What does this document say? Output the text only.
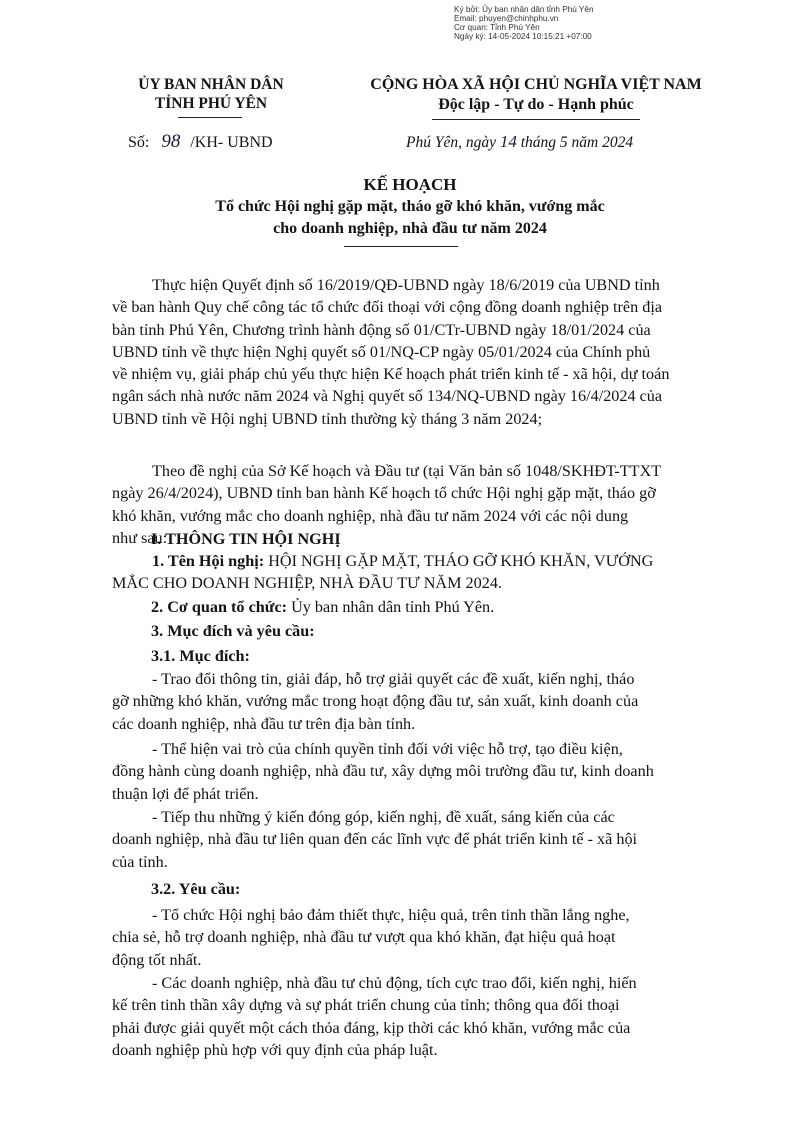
Ký bởi: Ủy ban nhân dân tỉnh Phú Yên
Email: phuyen@chinhphu.vn
Cơ quan: Tỉnh Phú Yên
Ngày ký: 14-05-2024 10:15:21 +07:00
ỦY BAN NHÂN DÂN
TỈNH PHÚ YÊN
CỘNG HÒA XÃ HỘI CHỦ NGHĨA VIỆT NAM
Độc lập - Tự do - Hạnh phúc
Số: 98 /KH- UBND	Phú Yên, ngày 14 tháng 5 năm 2024
KẾ HOẠCH
Tổ chức Hội nghị gặp mặt, tháo gỡ khó khăn, vướng mắc
cho doanh nghiệp, nhà đầu tư năm 2024
Thực hiện Quyết định số 16/2019/QĐ-UBND ngày 18/6/2019 của UBND tỉnh
về ban hành Quy chế công tác tổ chức đối thoại với cộng đồng doanh nghiệp trên địa
bàn tỉnh Phú Yên, Chương trình hành động số 01/CTr-UBND ngày 18/01/2024 của
UBND tỉnh về thực hiện Nghị quyết số 01/NQ-CP ngày 05/01/2024 của Chính phủ
về nhiệm vụ, giải pháp chủ yếu thực hiện Kế hoạch phát triển kinh tế - xã hội, dự toán
ngân sách nhà nước năm 2024 và Nghị quyết số 134/NQ-UBND ngày 16/4/2024 của
UBND tỉnh về Hội nghị UBND tỉnh thường kỳ tháng 3 năm 2024;
Theo đề nghị của Sở Kế hoạch và Đầu tư (tại Văn bản số 1048/SKHĐT-TTXT
ngày 26/4/2024), UBND tỉnh ban hành Kế hoạch tổ chức Hội nghị gặp mặt, tháo gỡ
khó khăn, vướng mắc cho doanh nghiệp, nhà đầu tư năm 2024 với các nội dung
như sau:
I. THÔNG TIN HỘI NGHỊ
1. Tên Hội nghị: HỘI NGHỊ GẶP MẶT, THÁO GỠ KHÓ KHĂN, VƯỚNG
MẮC CHO DOANH NGHIỆP, NHÀ ĐẦU TƯ NĂM 2024.
2. Cơ quan tổ chức: Ủy ban nhân dân tỉnh Phú Yên.
3. Mục đích và yêu cầu:
3.1. Mục đích:
- Trao đổi thông tin, giải đáp, hỗ trợ giải quyết các đề xuất, kiến nghị, tháo
gỡ những khó khăn, vướng mắc trong hoạt động đầu tư, sản xuất, kinh doanh của
các doanh nghiệp, nhà đầu tư trên địa bàn tỉnh.
- Thể hiện vai trò của chính quyền tỉnh đối với việc hỗ trợ, tạo điều kiện,
đồng hành cùng doanh nghiệp, nhà đầu tư, xây dựng môi trường đầu tư, kinh doanh
thuận lợi để phát triển.
- Tiếp thu những ý kiến đóng góp, kiến nghị, đề xuất, sáng kiến của các
doanh nghiệp, nhà đầu tư liên quan đến các lĩnh vực để phát triển kinh tế - xã hội
của tỉnh.
3.2. Yêu cầu:
- Tổ chức Hội nghị bảo đảm thiết thực, hiệu quả, trên tinh thần lắng nghe,
chia sẻ, hỗ trợ doanh nghiệp, nhà đầu tư vượt qua khó khăn, đạt hiệu quả hoạt
động tốt nhất.
- Các doanh nghiệp, nhà đầu tư chủ động, tích cực trao đổi, kiến nghị, hiến
kế trên tinh thần xây dựng và sự phát triển chung của tỉnh; thông qua đối thoại
phải được giải quyết một cách thỏa đáng, kịp thời các khó khăn, vướng mắc của
doanh nghiệp phù hợp với quy định của pháp luật.
